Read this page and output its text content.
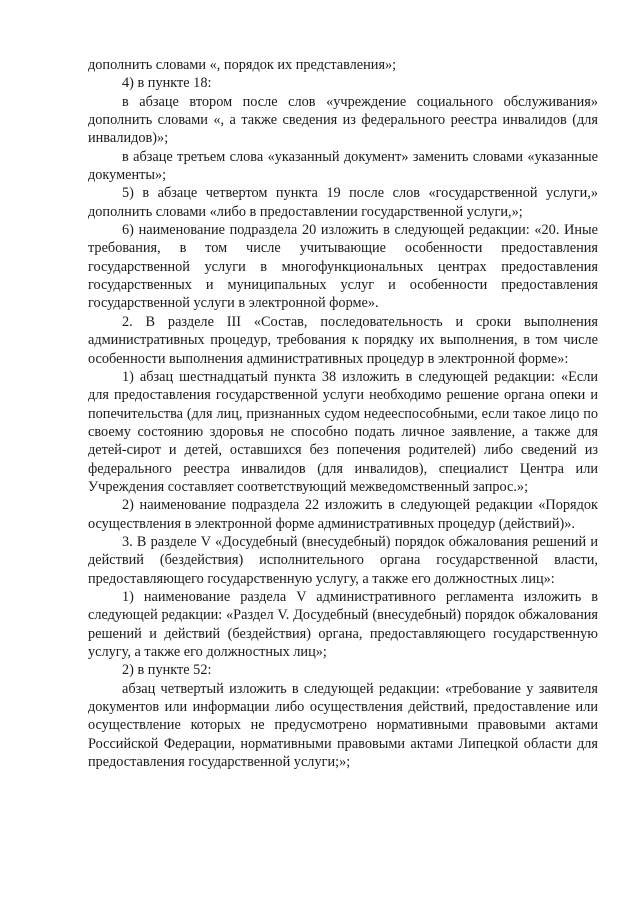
дополнить словами «, порядок их представления»;

4) в пункте 18:

в абзаце втором после слов «учреждение социального обслуживания» дополнить словами «, а также сведения из федерального реестра инвалидов (для инвалидов)»;

в абзаце третьем слова «указанный документ» заменить словами «указанные документы»;

5) в абзаце четвертом пункта 19 после слов «государственной услуги,» дополнить словами «либо в предоставлении государственной услуги,»;

6) наименование подраздела 20 изложить в следующей редакции: «20. Иные требования, в том числе учитывающие особенности предоставления государственной услуги в многофункциональных центрах предоставления государственных и муниципальных услуг и особенности предоставления государственной услуги в электронной форме».

2. В разделе III «Состав, последовательность и сроки выполнения административных процедур, требования к порядку их выполнения, в том числе особенности выполнения административных процедур в электронной форме»:

1) абзац шестнадцатый пункта 38 изложить в следующей редакции: «Если для предоставления государственной услуги необходимо решение органа опеки и попечительства (для лиц, признанных судом недееспособными, если такое лицо по своему состоянию здоровья не способно подать личное заявление, а также для детей-сирот и детей, оставшихся без попечения родителей) либо сведений из федерального реестра инвалидов (для инвалидов), специалист Центра или Учреждения составляет соответствующий межведомственный запрос.»;

2) наименование подраздела 22 изложить в следующей редакции «Порядок осуществления в электронной форме административных процедур (действий)».

3. В разделе V «Досудебный (внесудебный) порядок обжалования решений и действий (бездействия) исполнительного органа государственной власти, предоставляющего государственную услугу, а также его должностных лиц»:

1) наименование раздела V административного регламента изложить в следующей редакции: «Раздел V. Досудебный (внесудебный) порядок обжалования решений и действий (бездействия) органа, предоставляющего государственную услугу, а также его должностных лиц»;

2) в пункте 52:

абзац четвертый изложить в следующей редакции: «требование у заявителя документов или информации либо осуществления действий, предоставление или осуществление которых не предусмотрено нормативными правовыми актами Российской Федерации, нормативными правовыми актами Липецкой области для предоставления государственной услуги;»;
